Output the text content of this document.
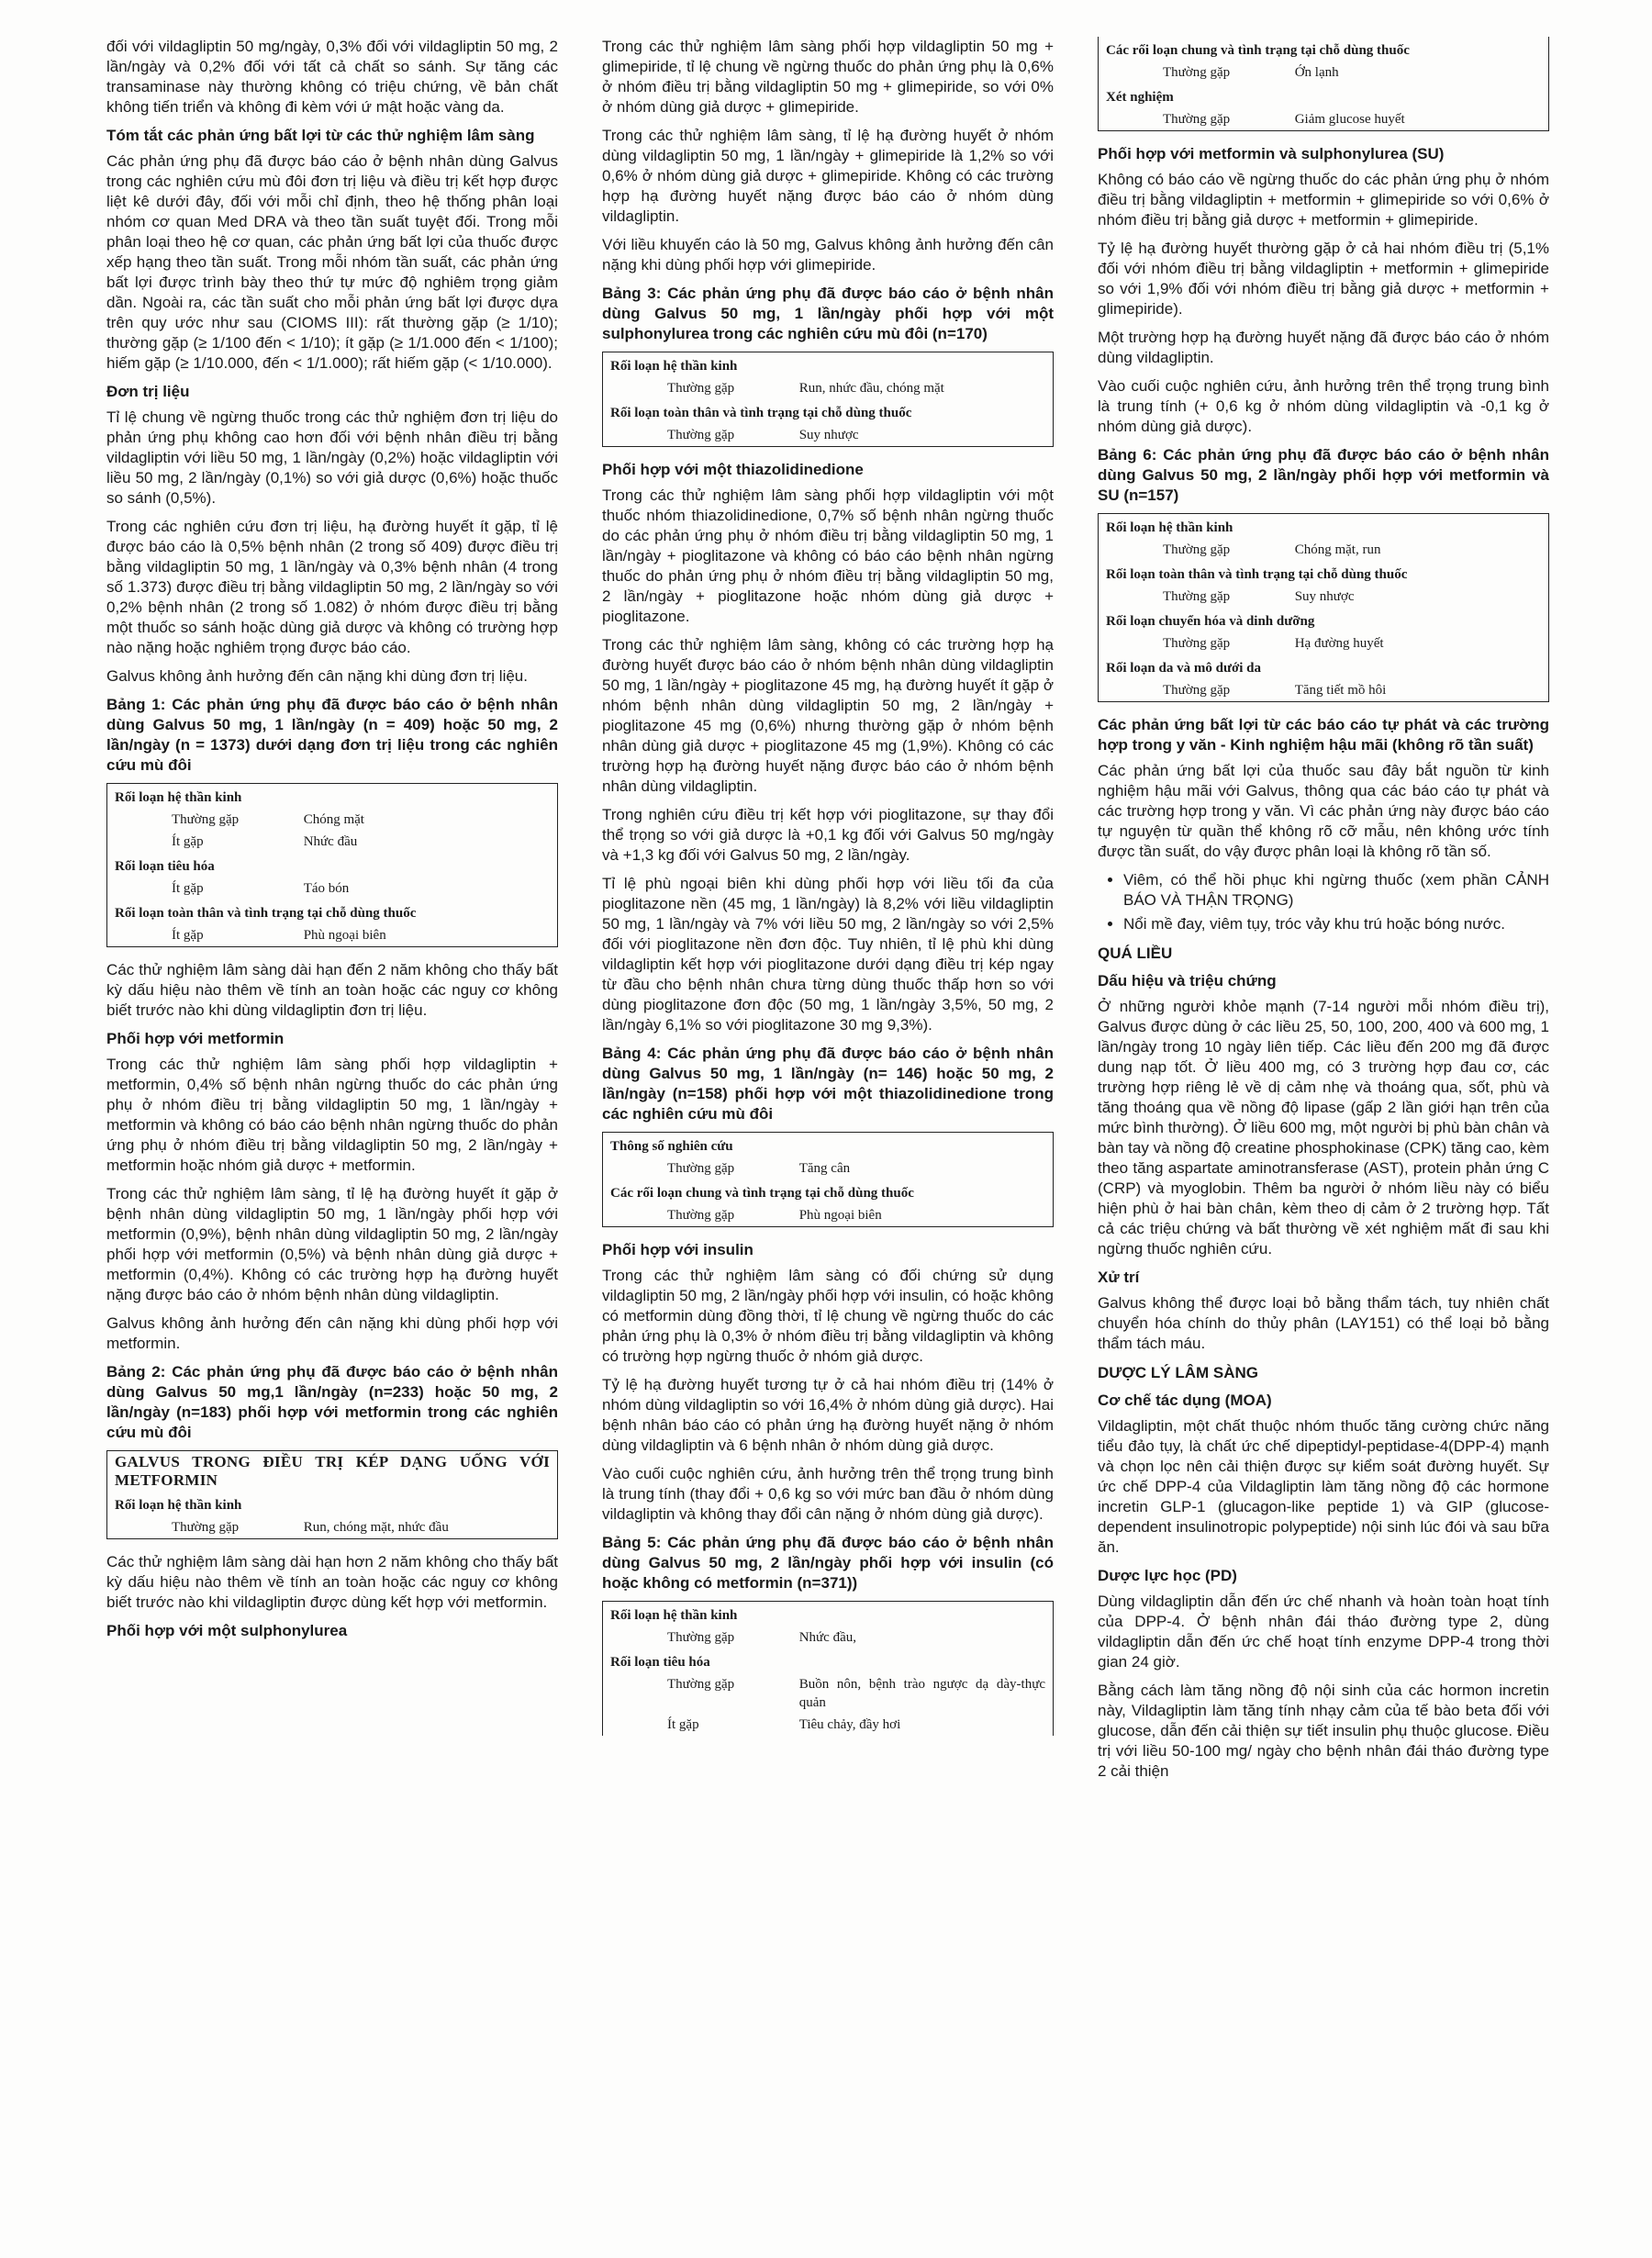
đối với vildagliptin 50 mg/ngày, 0,3% đối với vildagliptin 50 mg, 2 lần/ngày và 0,2% đối với tất cả chất so sánh. Sự tăng các transaminase này thường không có triệu chứng, về bản chất không tiến triển và không đi kèm với ứ mật hoặc vàng da.

Tóm tắt các phản ứng bất lợi từ các thử nghiệm lâm sàng

Các phản ứng phụ đã được báo cáo ở bệnh nhân dùng Galvus trong các nghiên cứu mù đôi đơn trị liệu và điều trị kết hợp được liệt kê dưới đây, đối với mỗi chỉ định, theo hệ thống phân loại nhóm cơ quan Med DRA và theo tần suất tuyệt đối. Trong mỗi phân loại theo hệ cơ quan, các phản ứng bất lợi của thuốc được xếp hạng theo tần suất. Trong mỗi nhóm tần suất, các phản ứng bất lợi được trình bày theo thứ tự mức độ nghiêm trọng giảm dần. Ngoài ra, các tần suất cho mỗi phản ứng bất lợi được dựa trên quy ước như sau (CIOMS III): rất thường gặp (≥ 1/10); thường gặp (≥ 1/100 đến < 1/10); ít gặp (≥ 1/1.000 đến < 1/100); hiếm gặp (≥ 1/10.000, đến < 1/1.000); rất hiếm gặp (< 1/10.000).

Đơn trị liệu

Tỉ lệ chung về ngừng thuốc trong các thử nghiệm đơn trị liệu do phản ứng phụ không cao hơn đối với bệnh nhân điều trị bằng vildagliptin với liều 50 mg, 1 lần/ngày (0,2%) hoặc vildagliptin với liều 50 mg, 2 lần/ngày (0,1%) so với giả dược (0,6%) hoặc thuốc so sánh (0,5%).

Trong các nghiên cứu đơn trị liệu, hạ đường huyết ít gặp, tỉ lệ được báo cáo là 0,5% bệnh nhân (2 trong số 409) được điều trị bằng vildagliptin 50 mg, 1 lần/ngày và 0,3% bệnh nhân (4 trong số 1.373) được điều trị bằng vildagliptin 50 mg, 2 lần/ngày so với 0,2% bệnh nhân (2 trong số 1.082) ở nhóm được điều trị bằng một thuốc so sánh hoặc dùng giả dược và không có trường hợp nào nặng hoặc nghiêm trọng được báo cáo.

Galvus không ảnh hưởng đến cân nặng khi dùng đơn trị liệu.

Bảng 1: Các phản ứng phụ đã được báo cáo ở bệnh nhân dùng Galvus 50 mg, 1 lần/ngày (n = 409) hoặc 50 mg, 2 lần/ngày (n = 1373) dưới dạng đơn trị liệu trong các nghiên cứu mù đôi
Rối loạn hệ thần kinh	
Thường gặp	Chóng mặt
Ít gặp	Nhức đầu
Rối loạn tiêu hóa	
Ít gặp	Táo bón
Rối loạn toàn thân và tình trạng tại chỗ dùng thuốc	
Ít gặp	Phù ngoại biên

Các thử nghiệm lâm sàng dài hạn đến 2 năm không cho thấy bất kỳ dấu hiệu nào thêm về tính an toàn hoặc các nguy cơ không biết trước nào khi dùng vildagliptin đơn trị liệu.

Phối hợp với metformin

Trong các thử nghiệm lâm sàng phối hợp vildagliptin + metformin, 0,4% số bệnh nhân ngừng thuốc do các phản ứng phụ ở nhóm điều trị bằng vildagliptin 50 mg, 1 lần/ngày + metformin và không có báo cáo bệnh nhân ngừng thuốc do phản ứng phụ ở nhóm điều trị bằng vildagliptin 50 mg, 2 lần/ngày + metformin hoặc nhóm giả dược + metformin.

Trong các thử nghiệm lâm sàng, tỉ lệ hạ đường huyết ít gặp ở bệnh nhân dùng vildagliptin 50 mg, 1 lần/ngày phối hợp với metformin (0,9%), bệnh nhân dùng vildagliptin 50 mg, 2 lần/ngày phối hợp với metformin (0,5%) và bệnh nhân dùng giả dược + metformin (0,4%). Không có các trường hợp hạ đường huyết nặng được báo cáo ở nhóm bệnh nhân dùng vildagliptin.

Galvus không ảnh hưởng đến cân nặng khi dùng phối hợp với metformin.

Bảng 2: Các phản ứng phụ đã được báo cáo ở bệnh nhân dùng Galvus 50 mg,1 lần/ngày (n=233) hoặc 50 mg, 2 lần/ngày (n=183) phối hợp với metformin trong các nghiên cứu mù đôi
GALVUS TRONG ĐIỀU TRỊ KÉP DẠNG UỐNG VỚI METFORMIN
Rối loạn hệ thần kinh
Thường gặp	Run, chóng mặt, nhức đầu

Các thử nghiệm lâm sàng dài hạn hơn 2 năm không cho thấy bất kỳ dấu hiệu nào thêm về tính an toàn hoặc các nguy cơ không biết trước nào khi vildagliptin được dùng kết hợp với metformin.

Phối hợp với một sulphonylurea

Trong các thử nghiệm lâm sàng phối hợp vildagliptin 50 mg + glimepiride, tỉ lệ chung về ngừng thuốc do phản ứng phụ là 0,6% ở nhóm điều trị bằng vildagliptin 50 mg + glimepiride, so với 0% ở nhóm dùng giả dược + glimepiride.

Trong các thử nghiệm lâm sàng, tỉ lệ hạ đường huyết ở nhóm dùng vildagliptin 50 mg, 1 lần/ngày + glimepiride là 1,2% so với 0,6% ở nhóm dùng giả dược + glimepiride. Không có các trường hợp hạ đường huyết nặng được báo cáo ở nhóm dùng vildagliptin.

Với liều khuyến cáo là 50 mg, Galvus không ảnh hưởng đến cân nặng khi dùng phối hợp với glimepiride.

Bảng 3: Các phản ứng phụ đã được báo cáo ở bệnh nhân dùng Galvus 50 mg, 1 lần/ngày phối hợp với một sulphonylurea trong các nghiên cứu mù đôi (n=170)
Rối loạn hệ thần kinh	
Thường gặp	Run, nhức đầu, chóng mặt
Rối loạn toàn thân và tình trạng tại chỗ dùng thuốc	
Thường gặp	Suy nhược
Phối hợp với một thiazolidinedione

Trong các thử nghiệm lâm sàng phối hợp vildagliptin với một thuốc nhóm thiazolidinedione, 0,7% số bệnh nhân ngừng thuốc do các phản ứng phụ ở nhóm điều trị bằng vildagliptin 50 mg, 1 lần/ngày + pioglitazone và không có báo cáo bệnh nhân ngừng thuốc do phản ứng phụ ở nhóm điều trị bằng vildagliptin 50 mg, 2 lần/ngày + pioglitazone hoặc nhóm dùng giả dược + pioglitazone.

Trong các thử nghiệm lâm sàng, không có các trường hợp hạ đường huyết được báo cáo ở nhóm bệnh nhân dùng vildagliptin 50 mg, 1 lần/ngày + pioglitazone 45 mg, hạ đường huyết ít gặp ở nhóm bệnh nhân dùng vildagliptin 50 mg, 2 lần/ngày + pioglitazone 45 mg (0,6%) nhưng thường gặp ở nhóm bệnh nhân dùng giả dược + pioglitazone 45 mg (1,9%). Không có các trường hợp hạ đường huyết nặng được báo cáo ở nhóm bệnh nhân dùng vildagliptin.

Trong nghiên cứu điều trị kết hợp với pioglitazone, sự thay đổi thể trọng so với giả dược là +0,1 kg đối với Galvus 50 mg/ngày và +1,3 kg đối với Galvus 50 mg, 2 lần/ngày.

Tỉ lệ phù ngoại biên khi dùng phối hợp với liều tối đa của pioglitazone nền (45 mg, 1 lần/ngày) là 8,2% với liều vildagliptin 50 mg, 1 lần/ngày và 7% với liều 50 mg, 2 lần/ngày so với 2,5% đối với pioglitazone nền đơn độc. Tuy nhiên, tỉ lệ phù khi dùng vildagliptin kết hợp với pioglitazone dưới dạng điều trị kép ngay từ đầu cho bệnh nhân chưa từng dùng thuốc thấp hơn so với dùng pioglitazone đơn độc (50 mg, 1 lần/ngày 3,5%, 50 mg, 2 lần/ngày 6,1% so với pioglitazone 30 mg 9,3%).

Bảng 4: Các phản ứng phụ đã được báo cáo ở bệnh nhân dùng Galvus 50 mg, 1 lần/ngày (n= 146) hoặc 50 mg, 2 lần/ngày (n=158) phối hợp với một thiazolidinedione trong các nghiên cứu mù đôi
Thông số nghiên cứu	
Thường gặp	Tăng cân
Các rối loạn chung và tình trạng tại chỗ dùng thuốc	
Thường gặp	Phù ngoại biên
Phối hợp với insulin

Trong các thử nghiệm lâm sàng có đối chứng sử dụng vildagliptin 50 mg, 2 lần/ngày phối hợp với insulin, có hoặc không có metformin dùng đồng thời, tỉ lệ chung về ngừng thuốc do các phản ứng phụ là 0,3% ở nhóm điều trị bằng vildagliptin và không có trường hợp ngừng thuốc ở nhóm giả dược.

Tỷ lệ hạ đường huyết tương tự ở cả hai nhóm điều trị (14% ở nhóm dùng vildagliptin so với 16,4% ở nhóm dùng giả dược). Hai bệnh nhân báo cáo có phản ứng hạ đường huyết nặng ở nhóm dùng vildagliptin và 6 bệnh nhân ở nhóm dùng giả dược.

Vào cuối cuộc nghiên cứu, ảnh hưởng trên thể trọng trung bình là trung tính (thay đổi + 0,6 kg so với mức ban đầu ở nhóm dùng vildagliptin và không thay đổi cân nặng ở nhóm dùng giả dược).

Bảng 5: Các phản ứng phụ đã được báo cáo ở bệnh nhân dùng Galvus 50 mg, 2 lần/ngày phối hợp với insulin (có hoặc không có metformin (n=371))
Rối loạn hệ thần kinh	
Thường gặp	Nhức đầu,
Rối loạn tiêu hóa	
Thường gặp	Buồn nôn, bệnh trào ngược dạ dày-thực quản
Ít gặp	Tiêu chảy, đầy hơi
Các rối loạn chung và tình trạng tại chỗ dùng thuốc	
Thường gặp	Ớn lạnh
Xét nghiệm	
Thường gặp	Giảm glucose huyết
Phối hợp với metformin và sulphonylurea (SU)

Không có báo cáo về ngừng thuốc do các phản ứng phụ ở nhóm điều trị bằng vildagliptin + metformin + glimepiride so với 0,6% ở nhóm điều trị bằng giả dược + metformin + glimepiride.

Tỷ lệ hạ đường huyết thường gặp ở cả hai nhóm điều trị (5,1% đối với nhóm điều trị bằng vildagliptin + metformin + glimepiride so với 1,9% đối với nhóm điều trị bằng giả dược + metformin + glimepiride).

Một trường hợp hạ đường huyết nặng đã được báo cáo ở nhóm dùng vildagliptin.

Vào cuối cuộc nghiên cứu, ảnh hưởng trên thể trọng trung bình là trung tính (+ 0,6 kg ở nhóm dùng vildagliptin và -0,1 kg ở nhóm dùng giả dược).

Bảng 6: Các phản ứng phụ đã được báo cáo ở bệnh nhân dùng Galvus 50 mg, 2 lần/ngày phối hợp với metformin và SU (n=157)
Rối loạn hệ thần kinh	
Thường gặp	Chóng mặt, run
Rối loạn toàn thân và tình trạng tại chỗ dùng thuốc	
Thường gặp	Suy nhược
Rối loạn chuyển hóa và dinh dưỡng	
Thường gặp	Hạ đường huyết
Rối loạn da và mô dưới da	
Thường gặp	Tăng tiết mồ hôi
Các phản ứng bất lợi từ các báo cáo tự phát và các trường hợp trong y văn - Kinh nghiệm hậu mãi (không rõ tần suất)

Các phản ứng bất lợi của thuốc sau đây bắt nguồn từ kinh nghiệm hậu mãi với Galvus, thông qua các báo cáo tự phát và các trường hợp trong y văn. Vì các phản ứng này được báo cáo tự nguyện từ quần thể không rõ cỡ mẫu, nên không ước tính được tần suất, do vậy được phân loại là không rõ tần số.

• Viêm, có thể hồi phục khi ngừng thuốc (xem phần CẢNH BÁO VÀ THẬN TRỌNG)
• Nổi mề đay, viêm tụy, tróc vảy khu trú hoặc bóng nước.
QUÁ LIỀU
Dấu hiệu và triệu chứng

Ở những người khỏe mạnh (7-14 người mỗi nhóm điều trị), Galvus được dùng ở các liều 25, 50, 100, 200, 400 và 600 mg, 1 lần/ngày trong 10 ngày liên tiếp. Các liều đến 200 mg đã được dung nạp tốt. Ở liều 400 mg, có 3 trường hợp đau cơ, các trường hợp riêng lẻ về dị cảm nhẹ và thoáng qua, sốt, phù và tăng thoáng qua về nồng độ lipase (gấp 2 lần giới hạn trên của mức bình thường). Ở liều 600 mg, một người bị phù bàn chân và bàn tay và nồng độ creatine phosphokinase (CPK) tăng cao, kèm theo tăng aspartate aminotransferase (AST), protein phản ứng C (CRP) và myoglobin. Thêm ba người ở nhóm liều này có biểu hiện phù ở hai bàn chân, kèm theo dị cảm ở 2 trường hợp. Tất cả các triệu chứng và bất thường về xét nghiệm mất đi sau khi ngừng thuốc nghiên cứu.

Xử trí

Galvus không thể được loại bỏ bằng thẩm tách, tuy nhiên chất chuyển hóa chính do thủy phân (LAY151) có thể loại bỏ bằng thẩm tách máu.

DƯỢC LÝ LÂM SÀNG
Cơ chế tác dụng (MOA)

Vildagliptin, một chất thuộc nhóm thuốc tăng cường chức năng tiểu đảo tụy, là chất ức chế dipeptidyl-peptidase-4(DPP-4) mạnh và chọn lọc nên cải thiện được sự kiểm soát đường huyết. Sự ức chế DPP-4 của Vildagliptin làm tăng nồng độ các hormone incretin GLP-1 (glucagon-like peptide 1) và GIP (glucose-dependent insulinotropic polypeptide) nội sinh lúc đói và sau bữa ăn.

Dược lực học (PD)

Dùng vildagliptin dẫn đến ức chế nhanh và hoàn toàn hoạt tính của DPP-4. Ở bệnh nhân đái tháo đường type 2, dùng vildagliptin dẫn đến ức chế hoạt tính enzyme DPP-4 trong thời gian 24 giờ.

Bằng cách làm tăng nồng độ nội sinh của các hormon incretin này, Vildagliptin làm tăng tính nhạy cảm của tế bào beta đối với glucose, dẫn đến cải thiện sự tiết insulin phụ thuộc glucose. Điều trị với liều 50-100 mg/ ngày cho bệnh nhân đái tháo đường type 2 cải thiện
